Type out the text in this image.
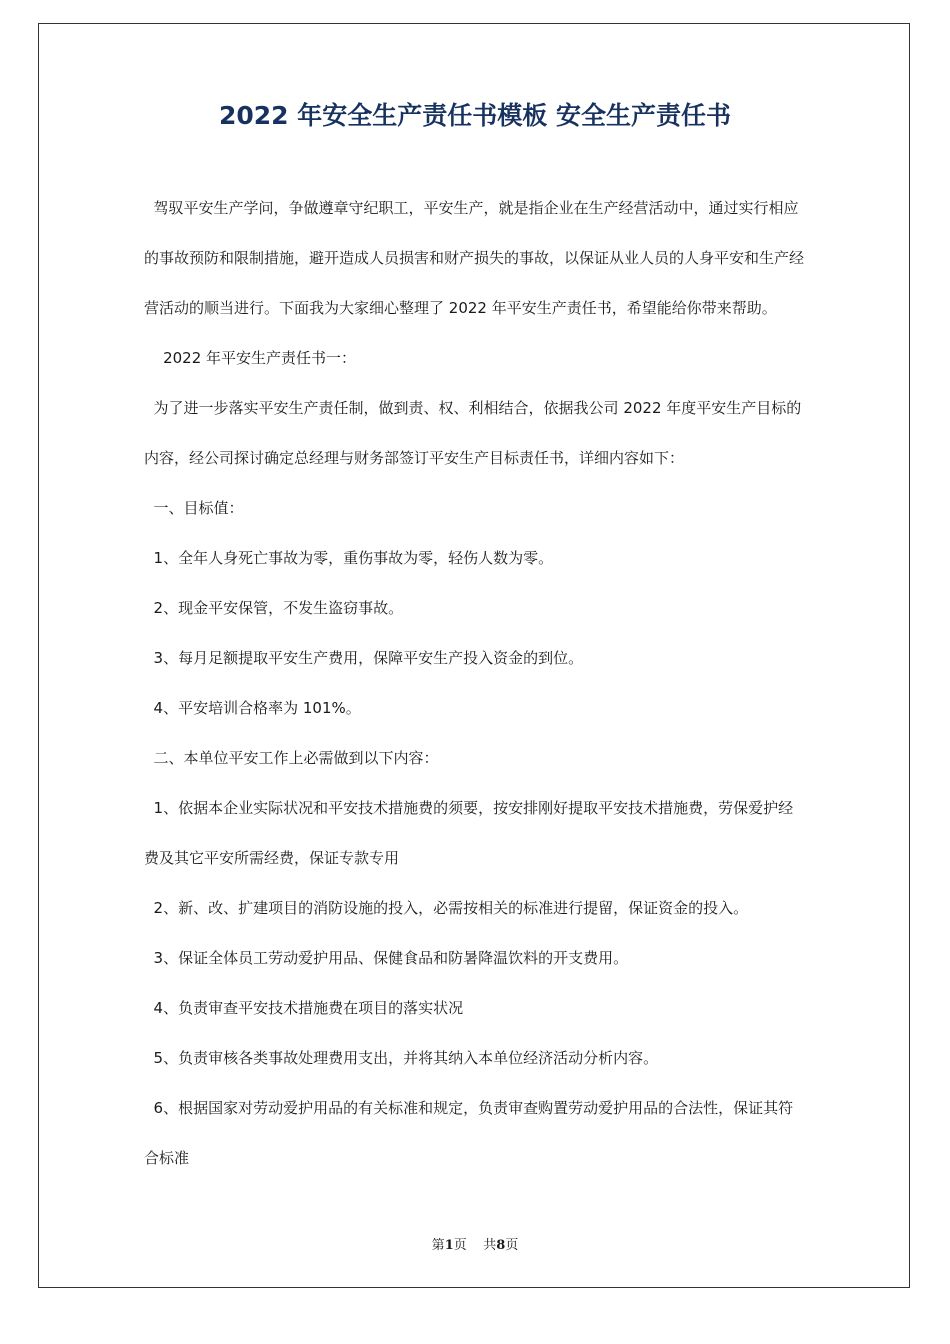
2022 年安全生产责任书模板 安全生产责任书

驾驭平安生产学问，争做遵章守纪职工，平安生产，就是指企业在生产经营活动中，通过实行相应的事故预防和限制措施，避开造成人员损害和财产损失的事故，以保证从业人员的人身平安和生产经营活动的顺当进行。下面我为大家细心整理了 2022 年平安生产责任书，希望能给你带来帮助。

2022 年平安生产责任书一：

为了进一步落实平安生产责任制，做到责、权、利相结合，依据我公司 2022 年度平安生产目标的内容，经公司探讨确定总经理与财务部签订平安生产目标责任书，详细内容如下：

一、目标值：

1、全年人身死亡事故为零，重伤事故为零，轻伤人数为零。

2、现金平安保管，不发生盗窃事故。

3、每月足额提取平安生产费用，保障平安生产投入资金的到位。

4、平安培训合格率为 101%。

二、本单位平安工作上必需做到以下内容：

1、依据本企业实际状况和平安技术措施费的须要，按安排刚好提取平安技术措施费，劳保爱护经费及其它平安所需经费，保证专款专用

2、新、改、扩建项目的消防设施的投入，必需按相关的标准进行提留，保证资金的投入。

3、保证全体员工劳动爱护用品、保健食品和防暑降温饮料的开支费用。

4、负责审查平安技术措施费在项目的落实状况

5、负责审核各类事故处理费用支出，并将其纳入本单位经济活动分析内容。

6、根据国家对劳动爱护用品的有关标准和规定，负责审查购置劳动爱护用品的合法性，保证其符合标准

第1页    共8页
